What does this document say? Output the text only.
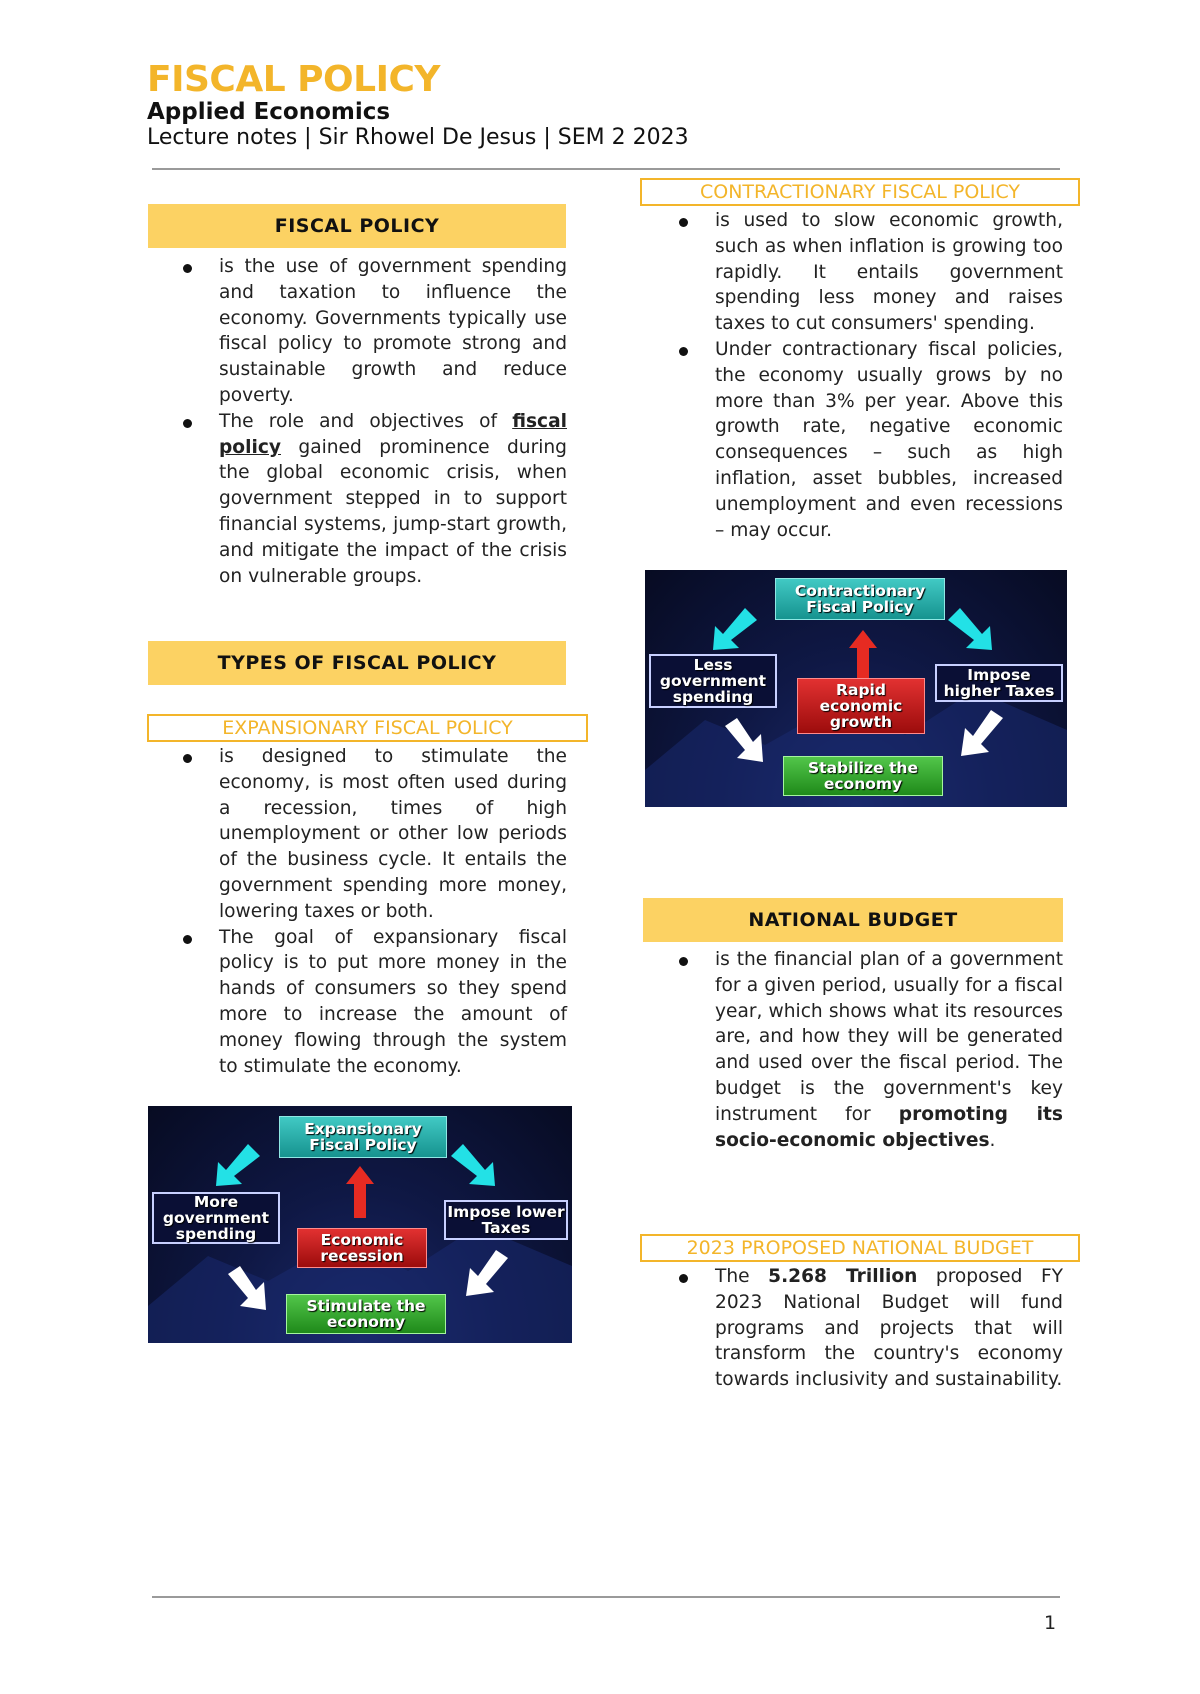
FISCAL POLICY
Applied Economics
Lecture notes | Sir Rhowel De Jesus | SEM 2 2023
FISCAL POLICY
is the use of government spending and taxation to influence the economy. Governments typically use fiscal policy to promote strong and sustainable growth and reduce poverty.
The role and objectives of fiscal policy gained prominence during the global economic crisis, when government stepped in to support financial systems, jump-start growth, and mitigate the impact of the crisis on vulnerable groups.
TYPES OF FISCAL POLICY
EXPANSIONARY FISCAL POLICY
is designed to stimulate the economy, is most often used during a recession, times of high unemployment or other low periods of the business cycle. It entails the government spending more money, lowering taxes or both.
The goal of expansionary fiscal policy is to put more money in the hands of consumers so they spend more to increase the amount of money flowing through the system to stimulate the economy.
Expansionary Fiscal Policy
More government spending
Impose lower Taxes
Economic recession
Stimulate the economy
CONTRACTIONARY FISCAL POLICY
is used to slow economic growth, such as when inflation is growing too rapidly. It entails government spending less money and raises taxes to cut consumers' spending.
Under contractionary fiscal policies, the economy usually grows by no more than 3% per year. Above this growth rate, negative economic consequences – such as high inflation, asset bubbles, increased unemployment and even recessions – may occur.
Contractionary Fiscal Policy
Less government spending
Impose higher Taxes
Rapid economic growth
Stabilize the economy
NATIONAL BUDGET
is the financial plan of a government for a given period, usually for a fiscal year, which shows what its resources are, and how they will be generated and used over the fiscal period. The budget is the government's key instrument for promoting its socio-economic objectives.
2023 PROPOSED NATIONAL BUDGET
The 5.268 Trillion proposed FY 2023 National Budget will fund programs and projects that will transform the country's economy towards inclusivity and sustainability.
1
